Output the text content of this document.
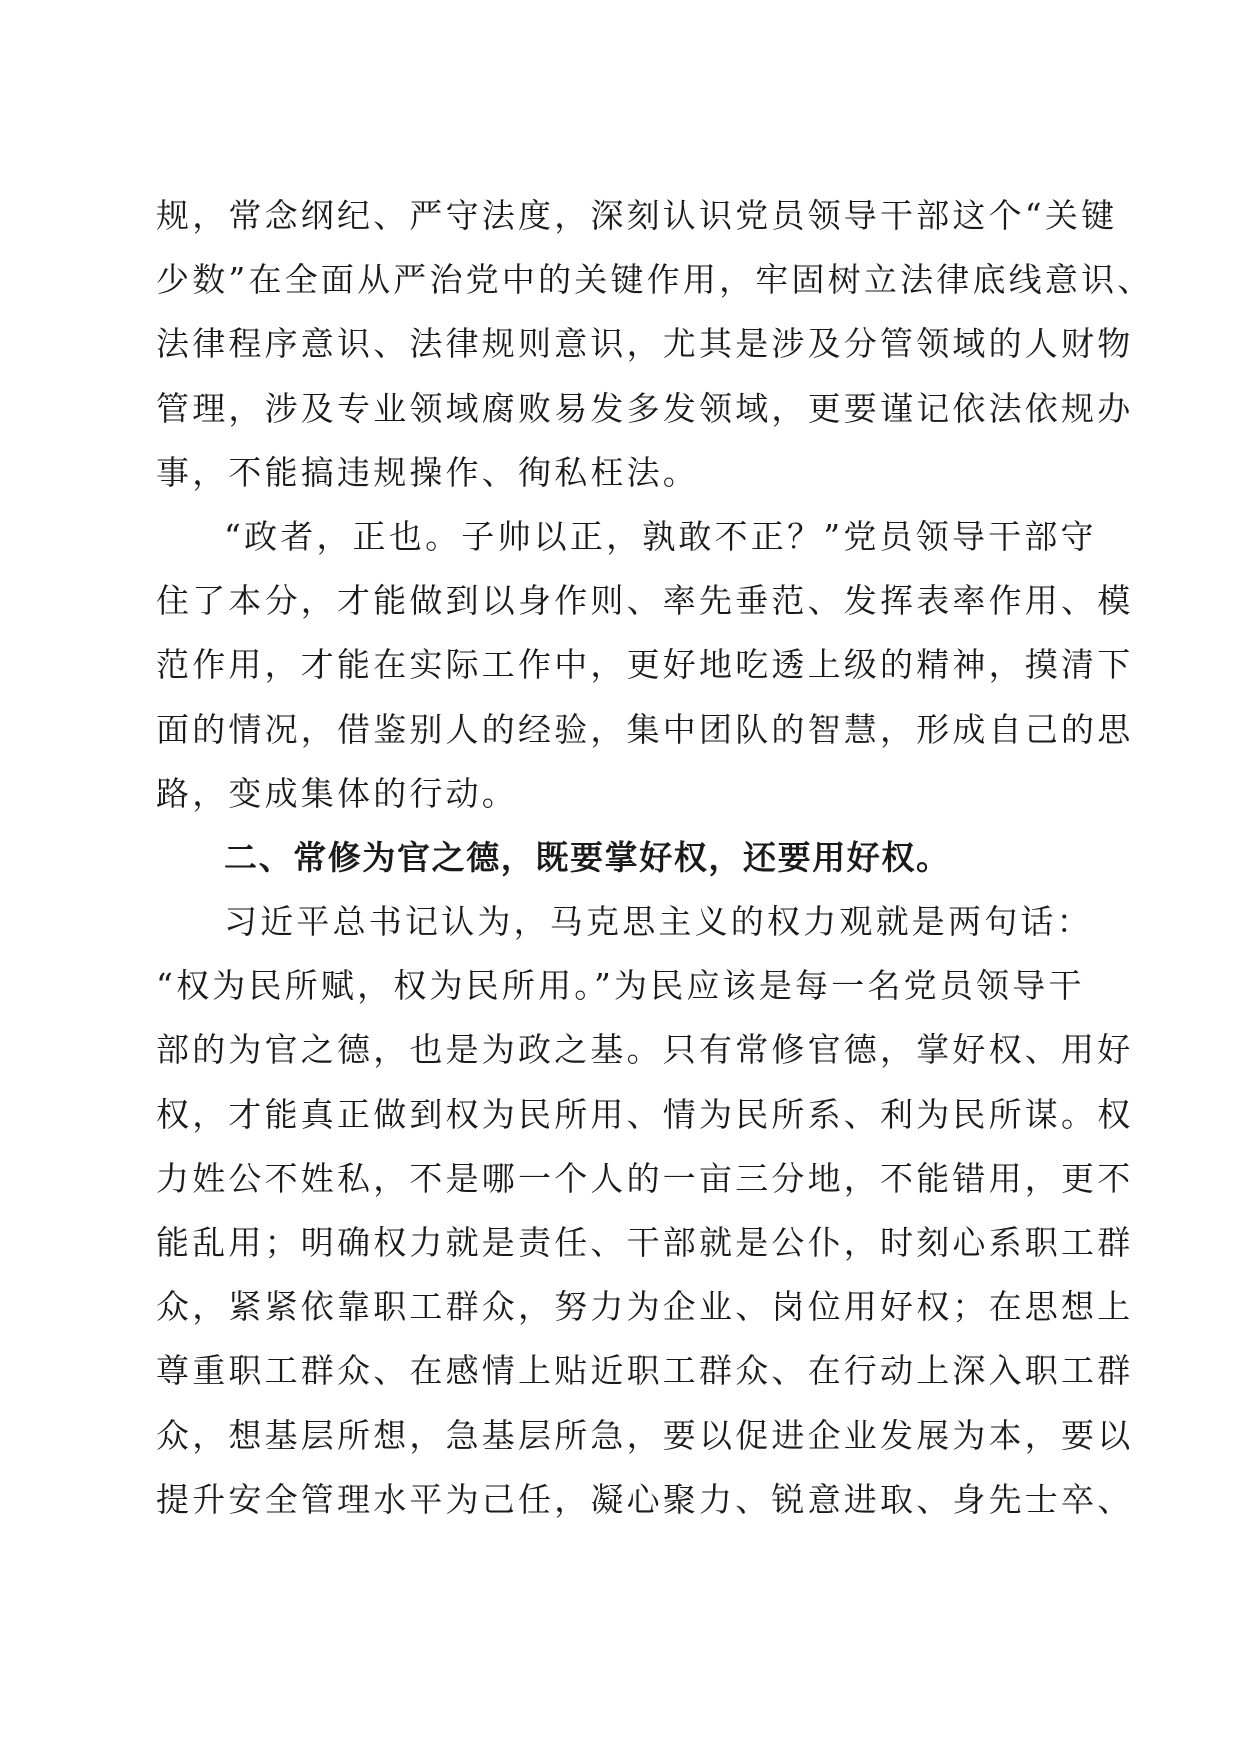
规，常念纲纪、严守法度，深刻认识党员领导干部这个“关键
少数”在全面从严治党中的关键作用，牢固树立法律底线意识、
法律程序意识、法律规则意识，尤其是涉及分管领域的人财物
管理，涉及专业领域腐败易发多发领域，更要谨记依法依规办
事，不能搞违规操作、徇私枉法。
“政者，正也。子帅以正，孰敢不正？”党员领导干部守
住了本分，才能做到以身作则、率先垂范、发挥表率作用、模
范作用，才能在实际工作中，更好地吃透上级的精神，摸清下
面的情况，借鉴别人的经验，集中团队的智慧，形成自己的思
路，变成集体的行动。
二、常修为官之德，既要掌好权，还要用好权。
习近平总书记认为，马克思主义的权力观就是两句话：
“权为民所赋，权为民所用。”为民应该是每一名党员领导干
部的为官之德，也是为政之基。只有常修官德，掌好权、用好
权，才能真正做到权为民所用、情为民所系、利为民所谋。权
力姓公不姓私，不是哪一个人的一亩三分地，不能错用，更不
能乱用；明确权力就是责任、干部就是公仆，时刻心系职工群
众，紧紧依靠职工群众，努力为企业、岗位用好权；在思想上
尊重职工群众、在感情上贴近职工群众、在行动上深入职工群
众，想基层所想，急基层所急，要以促进企业发展为本，要以
提升安全管理水平为己任，凝心聚力、锐意进取、身先士卒、
